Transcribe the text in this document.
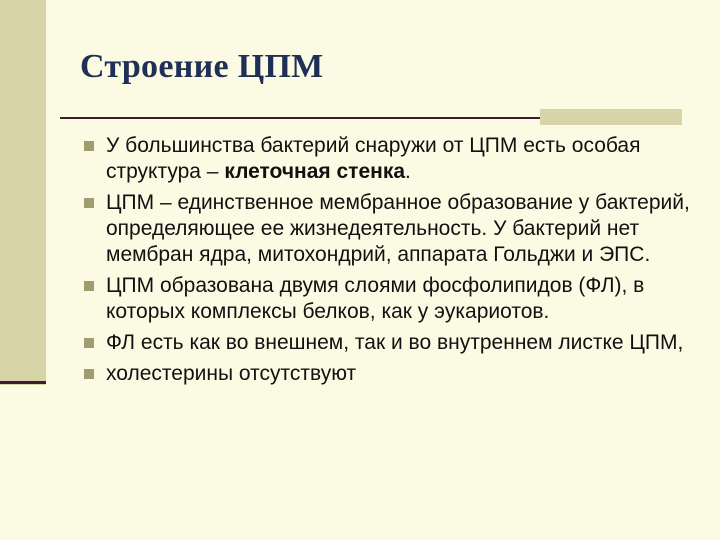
Строение ЦПМ
У большинства бактерий снаружи от ЦПМ есть особая структура – клеточная стенка.
ЦПМ – единственное мембранное образование у бактерий, определяющее ее жизнедеятельность. У бактерий нет мембран ядра, митохондрий, аппарата Гольджи и ЭПС.
ЦПМ образована двумя слоями фосфолипидов (ФЛ), в которых комплексы белков, как у эукариотов.
ФЛ есть как во внешнем, так и во внутреннем листке ЦПМ,
холестерины отсутствуют
